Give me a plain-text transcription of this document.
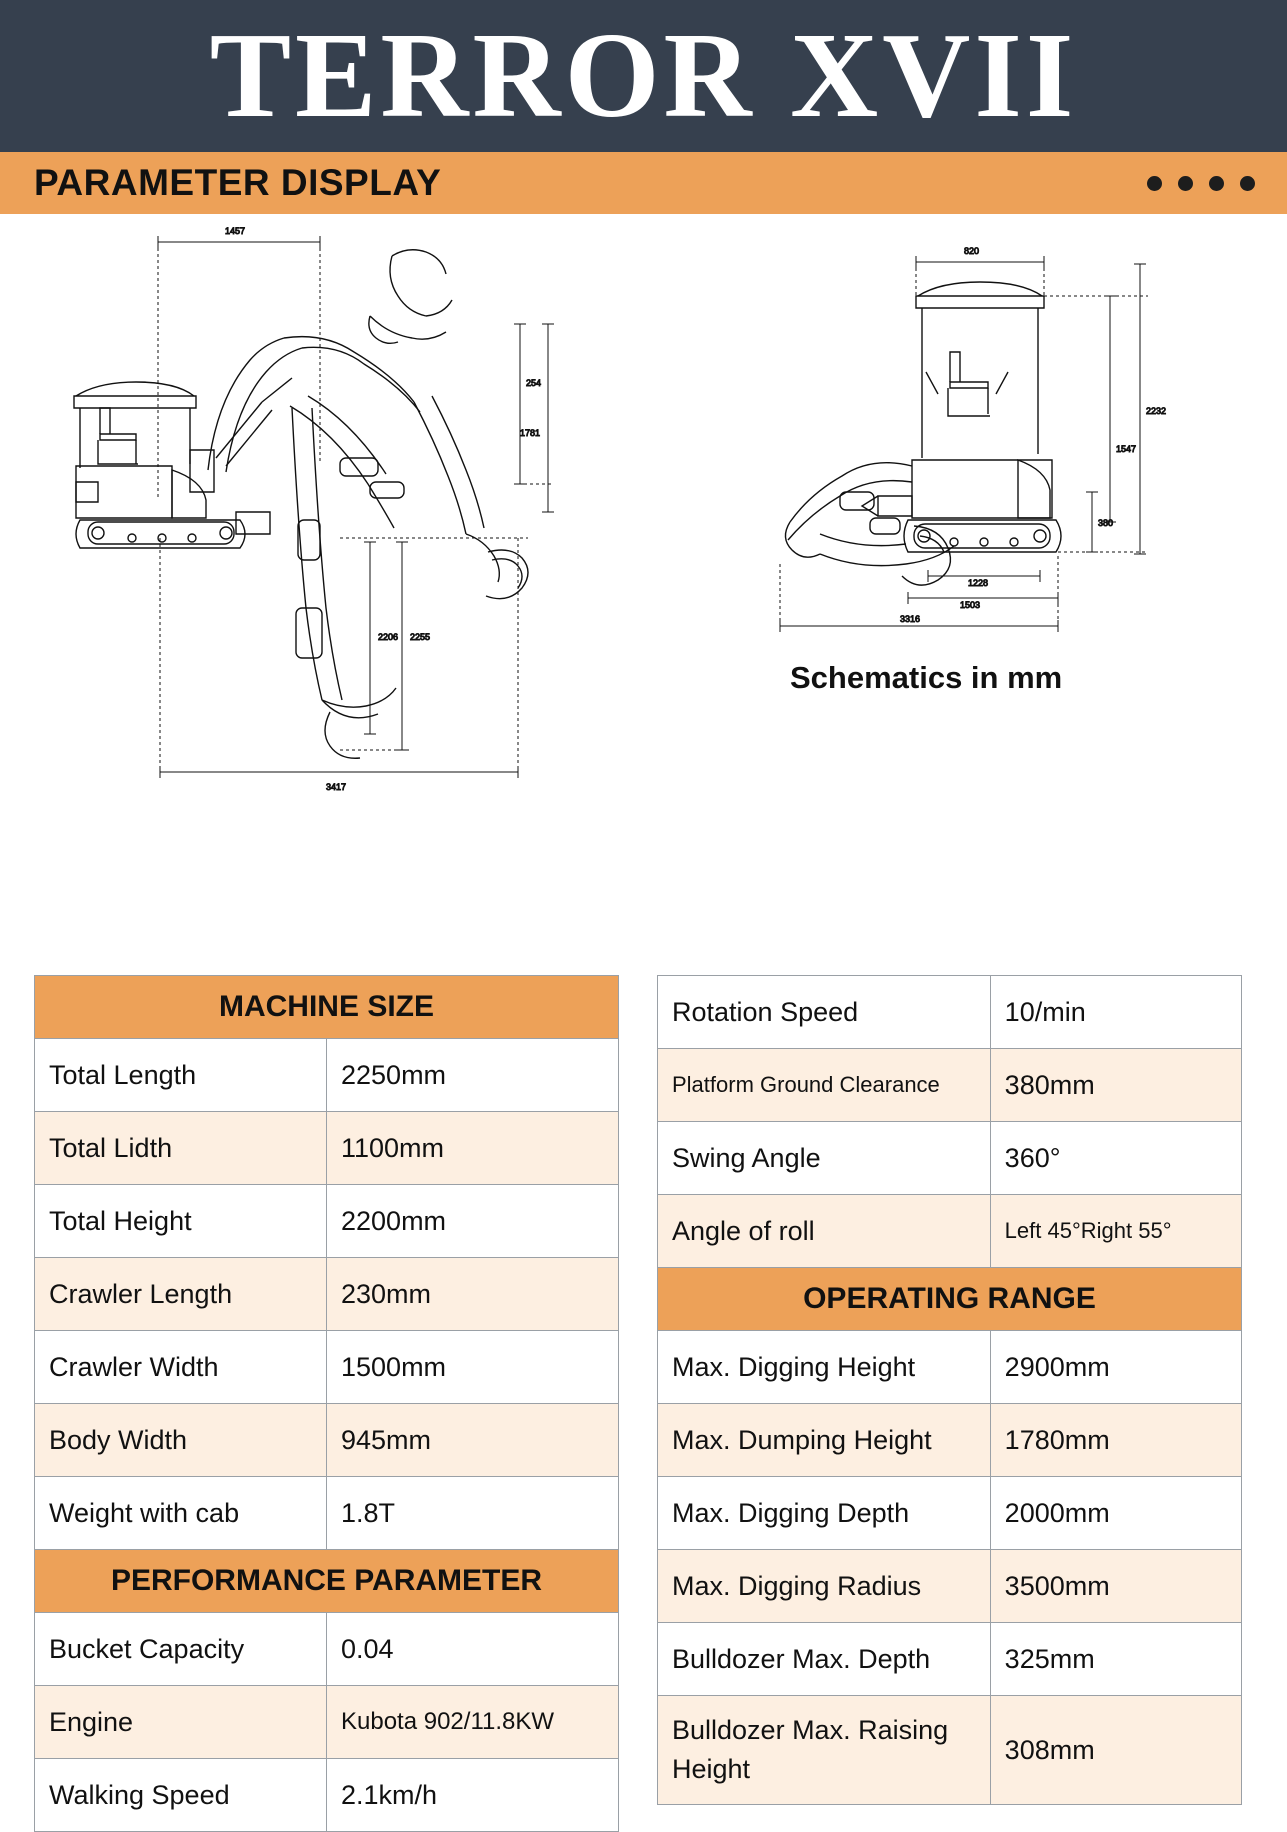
TERROR XVII
PARAMETER DISPLAY
1457
254
1781
2206 2255
3417
820
2232
1547
380
1228
1503
3316
Schematics in mm
MACHINE SIZE	
Total Length	2250mm
Total Lidth	1100mm
Total Height	2200mm
Crawler Length	230mm
Crawler Width	1500mm
Body Width	945mm
Weight with cab	1.8T
PERFORMANCE PARAMETER	
Bucket Capacity	0.04
Engine	Kubota 902/11.8KW
Walking Speed	2.1km/h
Rotation Speed	10/min
Platform Ground Clearance	380mm
Swing Angle	360°
Angle of roll	Left 45°Right 55°
OPERATING RANGE	
Max. Digging Height	2900mm
Max. Dumping Height	1780mm
Max. Digging Depth	2000mm
Max. Digging Radius	3500mm
Bulldozer Max. Depth	325mm
Bulldozer Max. Raising Height	308mm
